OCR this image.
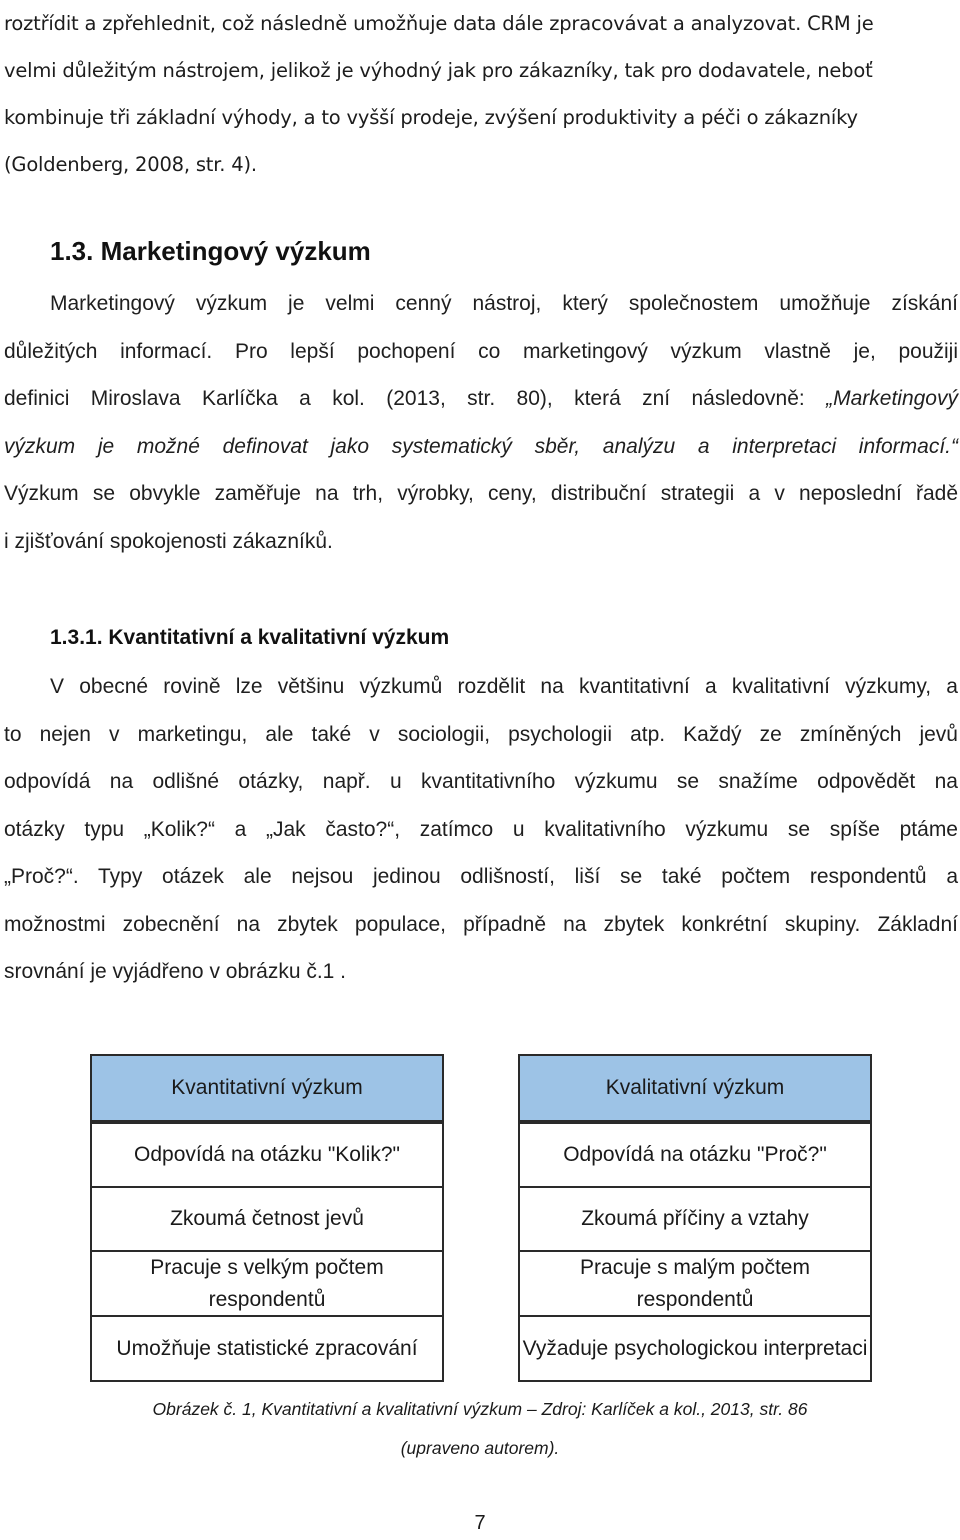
roztřídit a zpřehlednit, což následně umožňuje data dále zpracovávat a analyzovat. CRM je
velmi důležitým nástrojem, jelikož je výhodný jak pro zákazníky, tak pro dodavatele, neboť
kombinuje tři základní výhody, a to vyšší prodeje, zvýšení produktivity a péči o zákazníky
(Goldenberg, 2008, str. 4).

1.3. Marketingový výzkum

Marketingový výzkum je velmi cenný nástroj, který společnostem umožňuje získání
důležitých informací. Pro lepší pochopení co marketingový výzkum vlastně je, použiji
definici Miroslava Karlíčka a kol. (2013, str. 80), která zní následovně: „Marketingový
výzkum je možné definovat jako systematický sběr, analýzu a interpretaci informací.“
Výzkum se obvykle zaměřuje na trh, výrobky, ceny, distribuční strategii a v neposlední řadě
i zjišťování spokojenosti zákazníků.

1.3.1. Kvantitativní a kvalitativní výzkum

V obecné rovině lze většinu výzkumů rozdělit na kvantitativní a kvalitativní výzkumy, a
to nejen v marketingu, ale také v sociologii, psychologii atp. Každý ze zmíněných jevů
odpovídá na odlišné otázky, např. u kvantitativního výzkumu se snažíme odpovědět na
otázky typu „Kolik?“ a „Jak často?“, zatímco u kvalitativního výzkumu se spíše ptáme
„Proč?“. Typy otázek ale nejsou jedinou odlišností, liší se také počtem respondentů a
možnostmi zobecnění na zbytek populace, případně na zbytek konkrétní skupiny. Základní
srovnání je vyjádřeno v obrázku č.1 .

Kvantitativní výzkum
Odpovídá na otázku "Kolik?"
Zkoumá četnost jevů
Pracuje s velkým počtem respondentů
Umožňuje statistické zpracování
Kvalitativní výzkum
Odpovídá na otázku "Proč?"
Zkoumá příčiny a vztahy
Pracuje s malým počtem respondentů
Vyžaduje psychologickou interpretaci

Obrázek č. 1, Kvantitativní a kvalitativní výzkum – Zdroj: Karlíček a kol., 2013, str. 86

(upraveno autorem).

7
